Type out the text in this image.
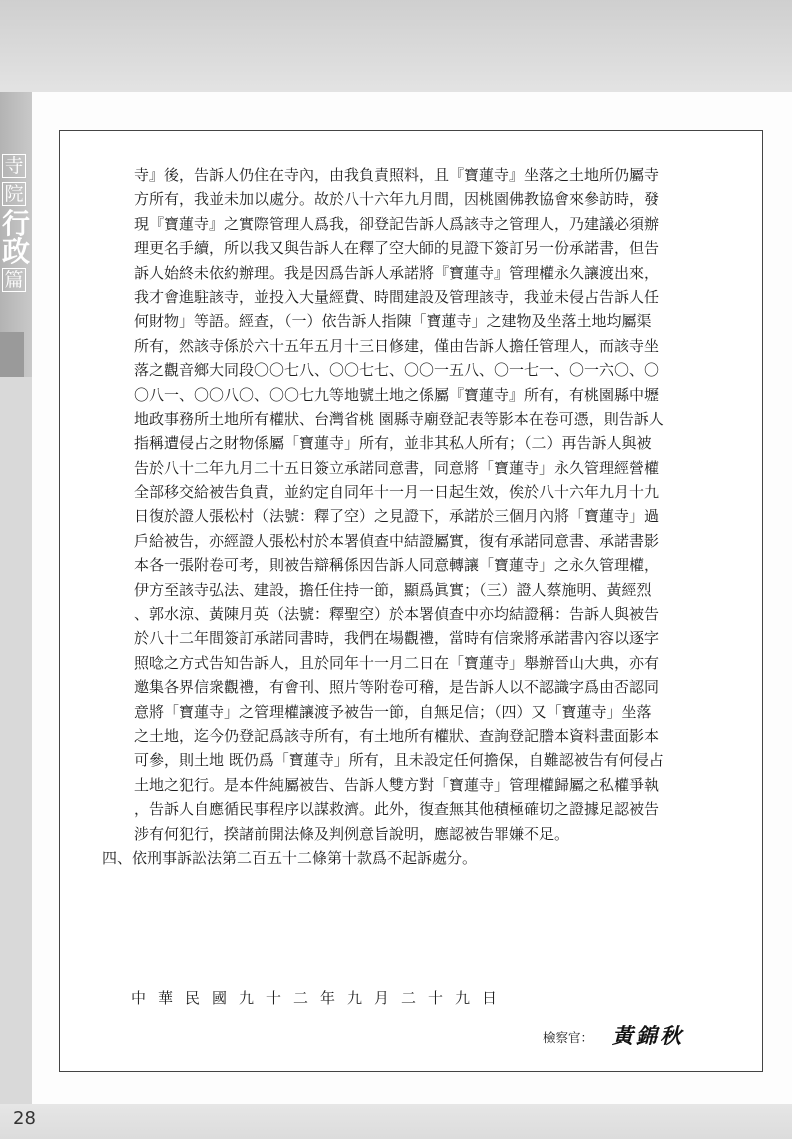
寺
院
行
政
篇
寺』後，告訴人仍住在寺內，由我負責照料，且『寶蓮寺』坐落之土地所仍屬寺
方所有，我並未加以處分。故於八十六年九月間，因桃園佛教協會來參訪時，發
現『寶蓮寺』之實際管理人爲我，卻登記告訴人爲該寺之管理人，乃建議必須辦
理更名手續，所以我又與告訴人在釋了空大師的見證下簽訂另一份承諾書，但告
訴人始終未依約辦理。我是因爲告訴人承諾將『寶蓮寺』管理權永久讓渡出來，
我才會進駐該寺，並投入大量經費、時間建設及管理該寺，我並未侵占告訴人任
何財物」等語。經查，（一）依告訴人指陳「寶蓮寺」之建物及坐落土地均屬渠
所有，然該寺係於六十五年五月十三日修建，僅由告訴人擔任管理人，而該寺坐
落之觀音鄉大同段〇〇七八、〇〇七七、〇〇一五八、〇一七一、〇一六〇、〇
〇八一、〇〇八〇、〇〇七九等地號土地之係屬『寶蓮寺』所有，有桃園縣中壢
地政事務所土地所有權狀、台灣省桃 園縣寺廟登記表等影本在卷可憑，則告訴人
指稱遭侵占之財物係屬「寶蓮寺」所有，並非其私人所有；（二）再告訴人與被
告於八十二年九月二十五日簽立承諾同意書，同意將「寶蓮寺」永久管理經營權
全部移交給被告負責，並約定自同年十一月一日起生效，俟於八十六年九月十九
日復於證人張松村（法號：釋了空）之見證下，承諾於三個月內將「寶蓮寺」過
戶給被告，亦經證人張松村於本署偵查中結證屬實，復有承諾同意書、承諾書影
本各一張附卷可考，則被告辯稱係因告訴人同意轉讓「寶蓮寺」之永久管理權，
伊方至該寺弘法、建設，擔任住持一節，顯爲眞實；（三）證人蔡施明、黃經烈
、郭水涼、黃陳月英（法號：釋聖空）於本署偵查中亦均結證稱：告訴人與被告
於八十二年間簽訂承諾同書時，我們在場觀禮，當時有信衆將承諾書內容以逐字
照唸之方式告知告訴人，且於同年十一月二日在「寶蓮寺」舉辦晉山大典，亦有
邀集各界信衆觀禮，有會刊、照片等附卷可稽，是告訴人以不認識字爲由否認同
意將「寶蓮寺」之管理權讓渡予被告一節，自無足信；（四）又「寶蓮寺」坐落
之土地，迄今仍登記爲該寺所有，有土地所有權狀、查詢登記謄本資料畫面影本
可參，則土地 既仍爲「寶蓮寺」所有，且未設定任何擔保，自難認被告有何侵占
土地之犯行。是本件純屬被告、告訴人雙方對「寶蓮寺」管理權歸屬之私權爭執
，告訴人自應循民事程序以謀救濟。此外，復查無其他積極確切之證據足認被告
涉有何犯行，揆諸前開法條及判例意旨說明，應認被告罪嫌不足。
四、依刑事訴訟法第二百五十二條第十款爲不起訴處分。
中華民國九十二年九月二十九日
檢察官： 黃錦秋
28
